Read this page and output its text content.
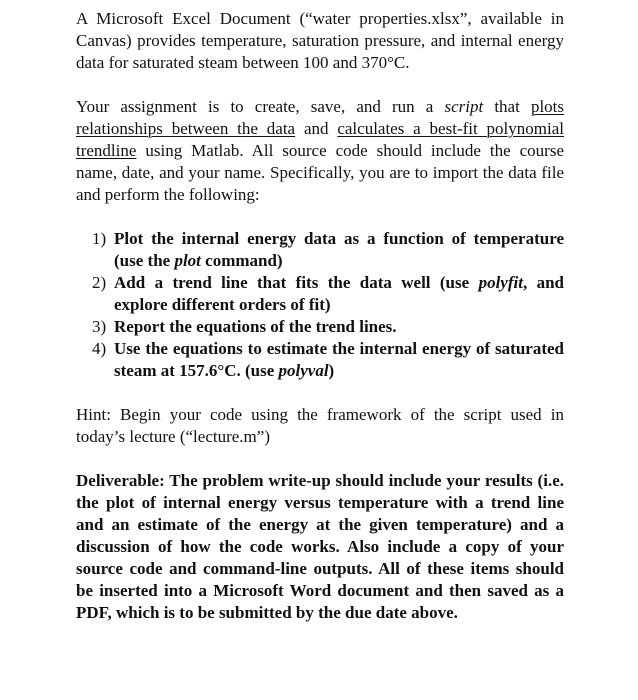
A Microsoft Excel Document (“water properties.xlsx”, available in Canvas) provides temperature, saturation pressure, and internal energy data for saturated steam between 100 and 370°C.

Your assignment is to create, save, and run a script that plots relationships between the data and calculates a best-fit polynomial trendline using Matlab. All source code should include the course name, date, and your name. Specifically, you are to import the data file and perform the following:

1) Plot the internal energy data as a function of temperature (use the plot command)
2) Add a trend line that fits the data well (use polyfit, and explore different orders of fit)
3) Report the equations of the trend lines.
4) Use the equations to estimate the internal energy of saturated steam at 157.6°C. (use polyval)

Hint: Begin your code using the framework of the script used in today’s lecture (“lecture.m”)

Deliverable: The problem write-up should include your results (i.e. the plot of internal energy versus temperature with a trend line and an estimate of the energy at the given temperature) and a discussion of how the code works. Also include a copy of your source code and command-line outputs. All of these items should be inserted into a Microsoft Word document and then saved as a PDF, which is to be submitted by the due date above.
